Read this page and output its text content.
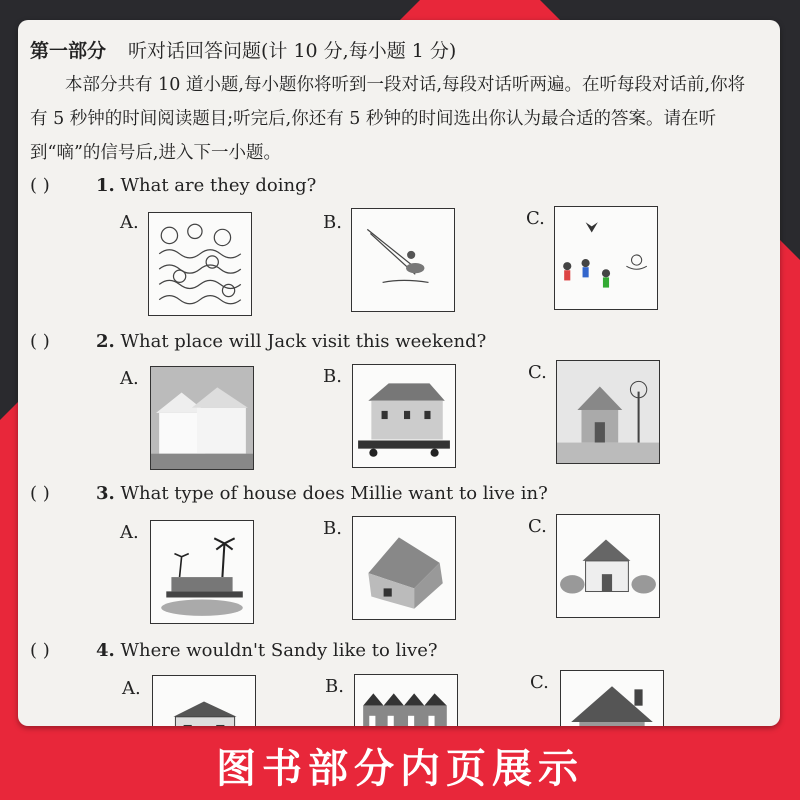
第一部分 听对话回答问题(计 10 分,每小题 1 分)
本部分共有 10 道小题,每小题你将听到一段对话,每段对话听两遍。在听每段对话前,你将有 5 秒钟的时间阅读题目;听完后,你还有 5 秒钟的时间选出你认为最合适的答案。请在听到“嘀”的信号后,进入下一小题。
( )	1. What are they doing?
A.	B.	C.
( )	2. What place will Jack visit this weekend?
A.	B.	C.
( )	3. What type of house does Millie want to live in?
A.	B.	C.
( )	4. Where wouldn't Sandy like to live?
A.	B.	C.
图书部分内页展示
